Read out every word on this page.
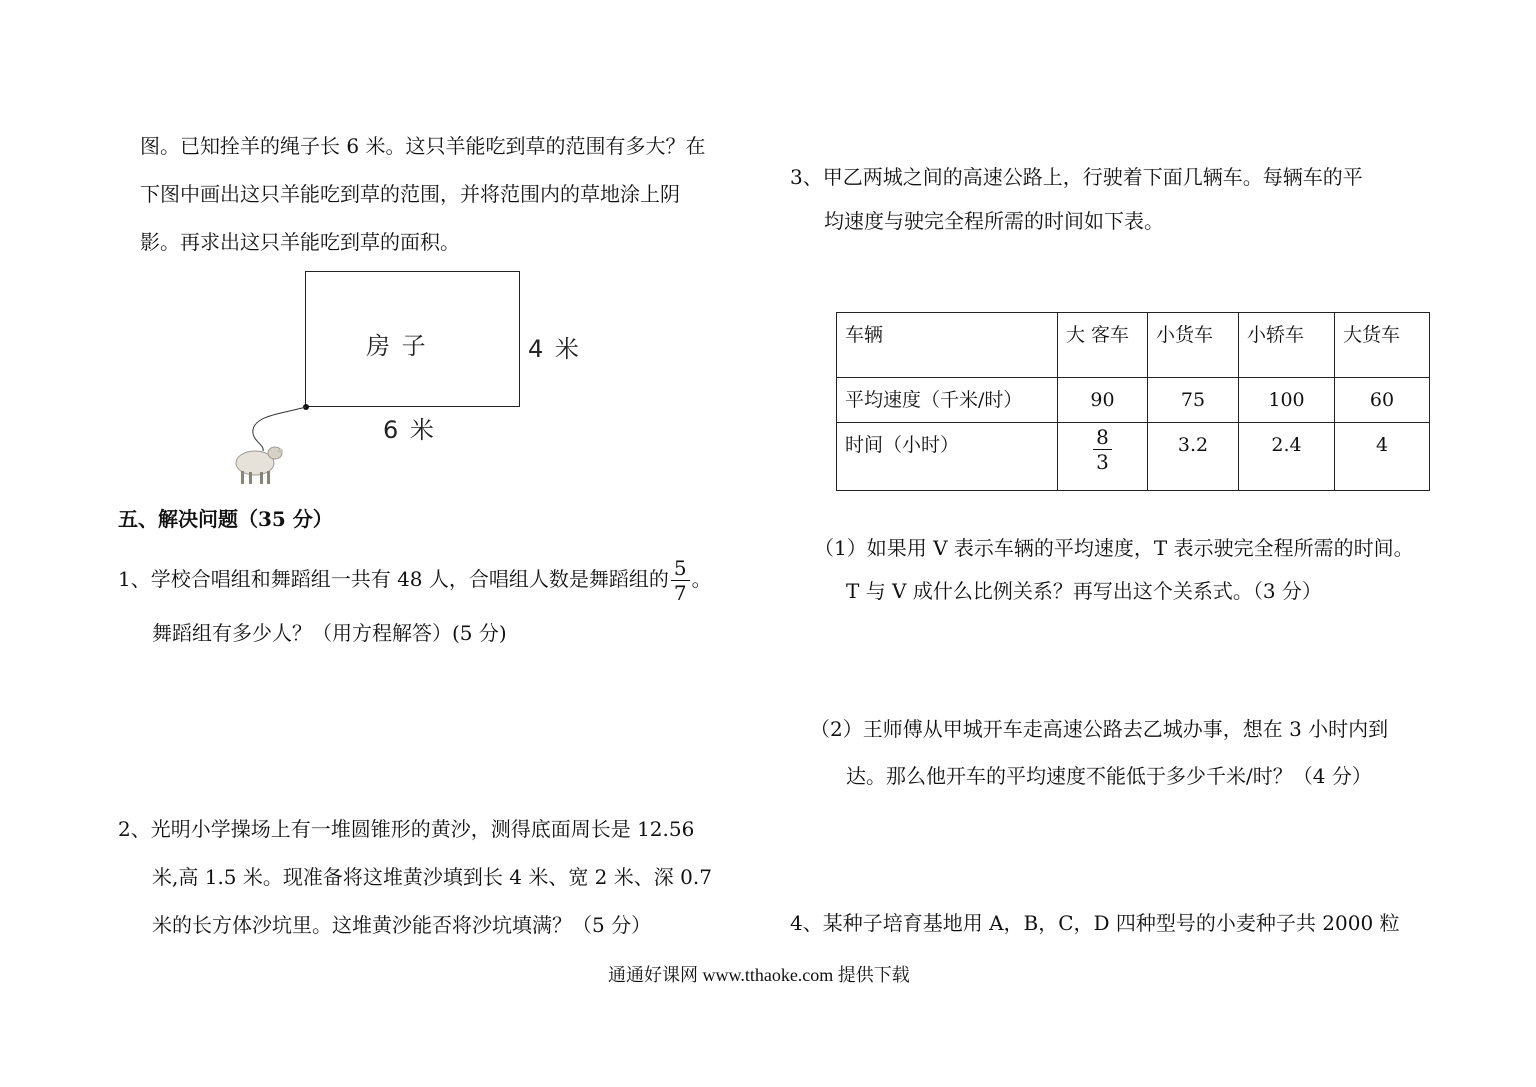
图。已知拴羊的绳子长 6 米。这只羊能吃到草的范围有多大？在
下图中画出这只羊能吃到草的范围，并将范围内的草地涂上阴
影。再求出这只羊能吃到草的面积。
房 子	4 米
6 米
五、解决问题（35 分）
1、学校合唱组和舞蹈组一共有 48 人，合唱组人数是舞蹈组的 $\frac{5}{7}$ 。
舞蹈组有多少人？（用方程解答）(5 分)
2、光明小学操场上有一堆圆锥形的黄沙，测得底面周长是 12.56
米,高 1.5 米。现准备将这堆黄沙填到长 4 米、宽 2 米、深 0.7
米的长方体沙坑里。这堆黄沙能否将沙坑填满？（5 分）
3、甲乙两城之间的高速公路上，行驶着下面几辆车。每辆车的平
均速度与驶完全程所需的时间如下表。
车辆	大 客车	小货车	小轿车	大货车
平均速度（千米/时）	90	75	100	60
时间（小时）	$\frac{8}{3}$	3.2	2.4	4
（1）如果用 V 表示车辆的平均速度，T 表示驶完全程所需的时间。
T 与 V 成什么比例关系？再写出这个关系式。（3 分）
（2）王师傅从甲城开车走高速公路去乙城办事，想在 3 小时内到
达。那么他开车的平均速度不能低于多少千米/时？（4 分）
4、某种子培育基地用 A，B，C，D 四种型号的小麦种子共 2000 粒
通通好课网 www.tthaoke.com 提供下载
